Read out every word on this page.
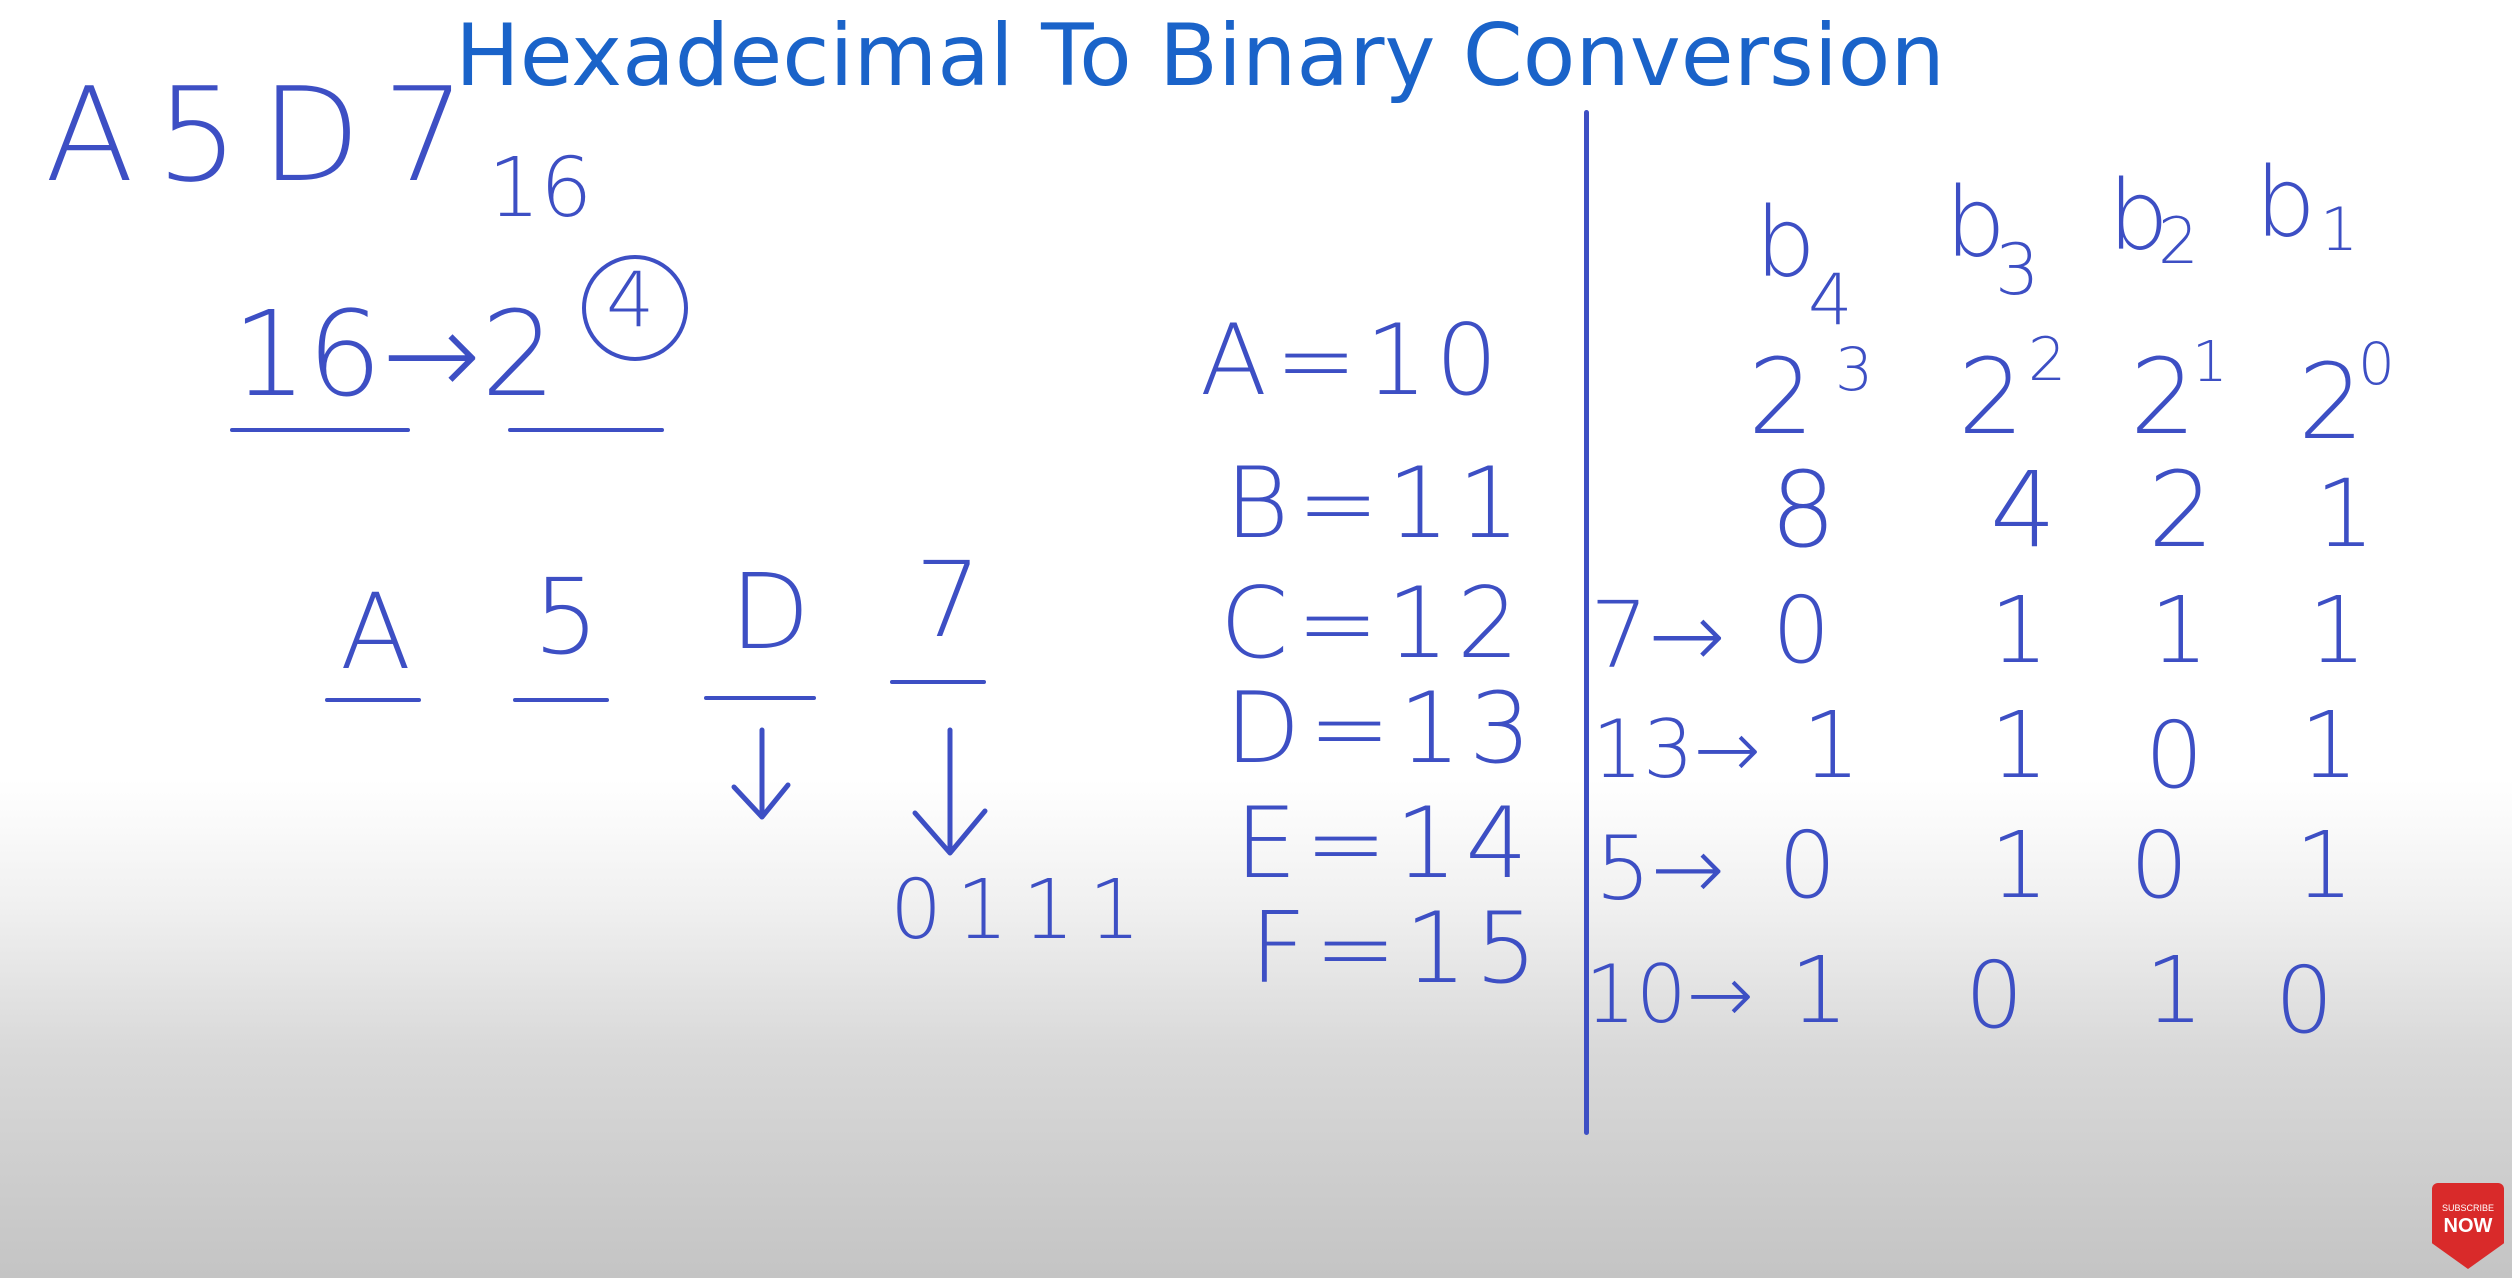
Hexadecimal To Binary Conversion
A5D7 16
16→2 4
A 5 D 7
0111
A=10
B=11
C=12
D=13
E=14
F=15
b
4
b
3 b
2 b 1
2 3 2 2 2
1 2
0
8 4 2 1
7→ 0 1 1 1
13→ 1 1 0 1
5→ 0 1 0 1
10→ 1 0 1 0
SUBSCRIBE
NOW
